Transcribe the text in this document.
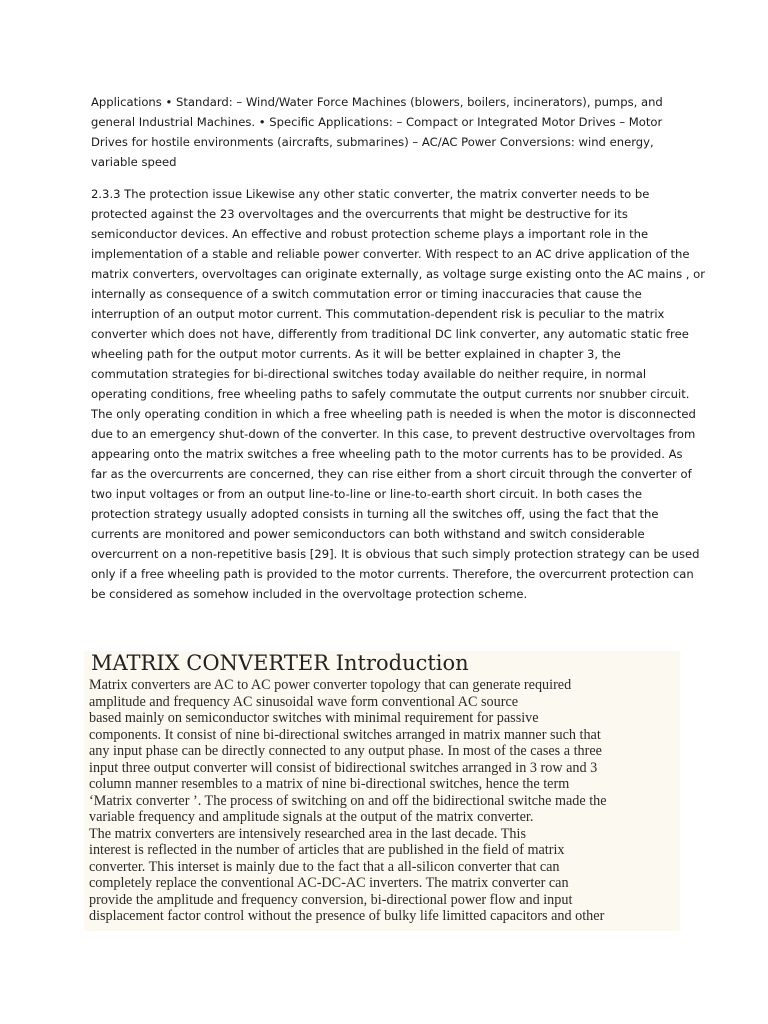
Applications • Standard: – Wind/Water Force Machines (blowers, boilers, incinerators), pumps, and
general Industrial Machines. • Specific Applications: – Compact or Integrated Motor Drives – Motor
Drives for hostile environments (aircrafts, submarines) – AC/AC Power Conversions: wind energy,
variable speed
2.3.3 The protection issue Likewise any other static converter, the matrix converter needs to be
protected against the 23 overvoltages and the overcurrents that might be destructive for its
semiconductor devices. An effective and robust protection scheme plays a important role in the
implementation of a stable and reliable power converter. With respect to an AC drive application of the
matrix converters, overvoltages can originate externally, as voltage surge existing onto the AC mains , or
internally as consequence of a switch commutation error or timing inaccuracies that cause the
interruption of an output motor current. This commutation-dependent risk is peculiar to the matrix
converter which does not have, differently from traditional DC link converter, any automatic static free
wheeling path for the output motor currents. As it will be better explained in chapter 3, the
commutation strategies for bi-directional switches today available do neither require, in normal
operating conditions, free wheeling paths to safely commutate the output currents nor snubber circuit.
The only operating condition in which a free wheeling path is needed is when the motor is disconnected
due to an emergency shut-down of the converter. In this case, to prevent destructive overvoltages from
appearing onto the matrix switches a free wheeling path to the motor currents has to be provided. As
far as the overcurrents are concerned, they can rise either from a short circuit through the converter of
two input voltages or from an output line-to-line or line-to-earth short circuit. In both cases the
protection strategy usually adopted consists in turning all the switches off, using the fact that the
currents are monitored and power semiconductors can both withstand and switch considerable
overcurrent on a non-repetitive basis [29]. It is obvious that such simply protection strategy can be used
only if a free wheeling path is provided to the motor currents. Therefore, the overcurrent protection can
be considered as somehow included in the overvoltage protection scheme.
MATRIX CONVERTER Introduction
Matrix converters are AC to AC power converter topology that can generate required
amplitude and frequency AC sinusoidal wave form conventional AC source
based mainly on semiconductor switches with minimal requirement for passive
components. It consist of nine bi-directional switches arranged in matrix manner such that
any input phase can be directly connected to any output phase. In most of the cases a three
input three output converter will consist of bidirectional switches arranged in 3 row and 3
column manner resembles to a matrix of nine bi-directional switches, hence the term
‘Matrix converter ’. The process of switching on and off the bidirectional switche made the
variable frequency and amplitude signals at the output of the matrix converter.
The matrix converters are intensively researched area in the last decade. This
interest is reflected in the number of articles that are published in the field of matrix
converter. This interset is mainly due to the fact that a all-silicon converter that can
completely replace the conventional AC-DC-AC inverters. The matrix converter can
provide the amplitude and frequency conversion, bi-directional power flow and input
displacement factor control without the presence of bulky life limitted capacitors and other
